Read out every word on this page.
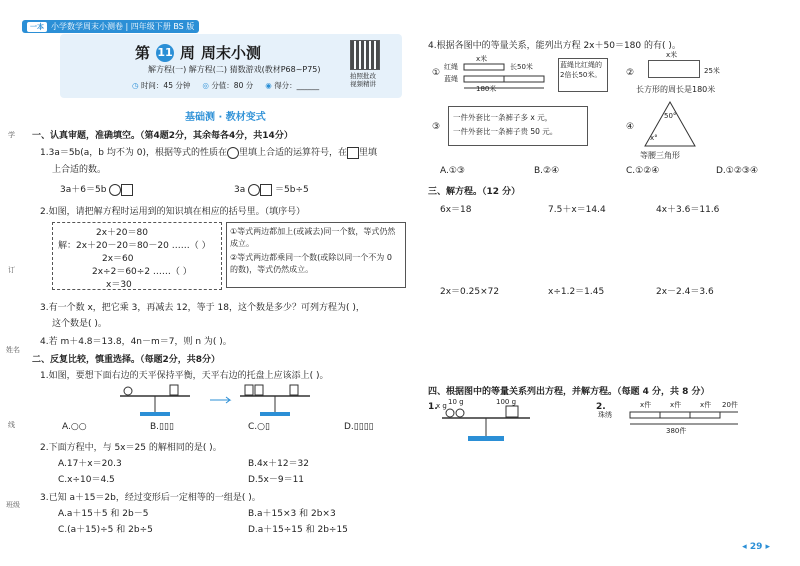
一本 小学数学周末小测卷 | 四年级下册 BS 版
第 11 周 周末小测
解方程(一) 解方程(二) 猜数游戏(教材P68~P75)
◷ 时间：45 分钟 ◎ 分值：80 分 ◉ 得分：______
拍照批改
视频精讲
基础测 · 教材变式
学
订
线
姓名
班级
一、认真审题，准确填空。（第4题2分，其余每各4分，共14分）
1.3a＝5b(a，b 均不为 0)，根据等式的性质在 里填上合适的运算符号，在 里填
上合适的数。
3a＋6＝5b	3a	＝5b÷5
2.如图，请把解方程时运用到的知识填在相应的括号里。（填序号）
2x＋20＝80
解：2x＋20－20＝80－20 ……（ ）
2x＝60
2x÷2＝60÷2 ……（ ）
x＝30
①等式两边都加上(或减去)同一个数，等式仍然成立。
②等式两边都乘同一个数(或除以同一个不为 0 的数)，等式仍然成立。
3.有一个数 x，把它乘 3，再减去 12，等于 18，这个数是多少？可列方程为( )，
这个数是( )。
4.若 m＋4.8＝13.8，4n－m＝7，则 n 为( )。
二、反复比较，慎重选择。（每题2分，共8分）
1.如图，要想下面右边的天平保持平衡，天平右边的托盘上应该添上( )。
A.○○	B.▯▯▯	C.○▯	D.▯▯▯▯
2.下面方程中，与 5x＝25 的解相同的是( )。
A.17＋x＝20.3	B.4x＋12＝32
C.x÷10＝4.5	D.5x－9＝11
3.已知 a＋15＝2b，经过变形后一定相等的一组是( )。
A.a＋15＋5 和 2b－5	B.a＋15×3 和 2b×3
C.(a＋15)÷5 和 2b÷5	D.a＋15÷15 和 2b÷15
4.根据各图中的等量关系，能列出方程 2x＋50＝180 的有( )。
①
x米
红绳
蓝绳
长50米
180米
蓝绳比红绳的2倍长50米。	②
x米
25米
长方形的周长是180米
③
一件外套比一条裤子多 x 元，
一件外套比一条裤子贵 50 元。	④
50°
x°
等腰三角形
A.①③	B.②④	C.①②④	D.①②③④
三、解方程。（12 分）
6x＝18	7.5＋x＝14.4	4x＋3.6＝11.6
2x＝0.25×72	x÷1.2＝1.45	2x－2.4＝3.6
四、根据图中的等量关系列出方程，并解方程。（每题 4 分，共 8 分）
1.
x g 10 g	100 g	2.
珠绣
x件	x件	x件 20件
380件
◂ 29 ▸
